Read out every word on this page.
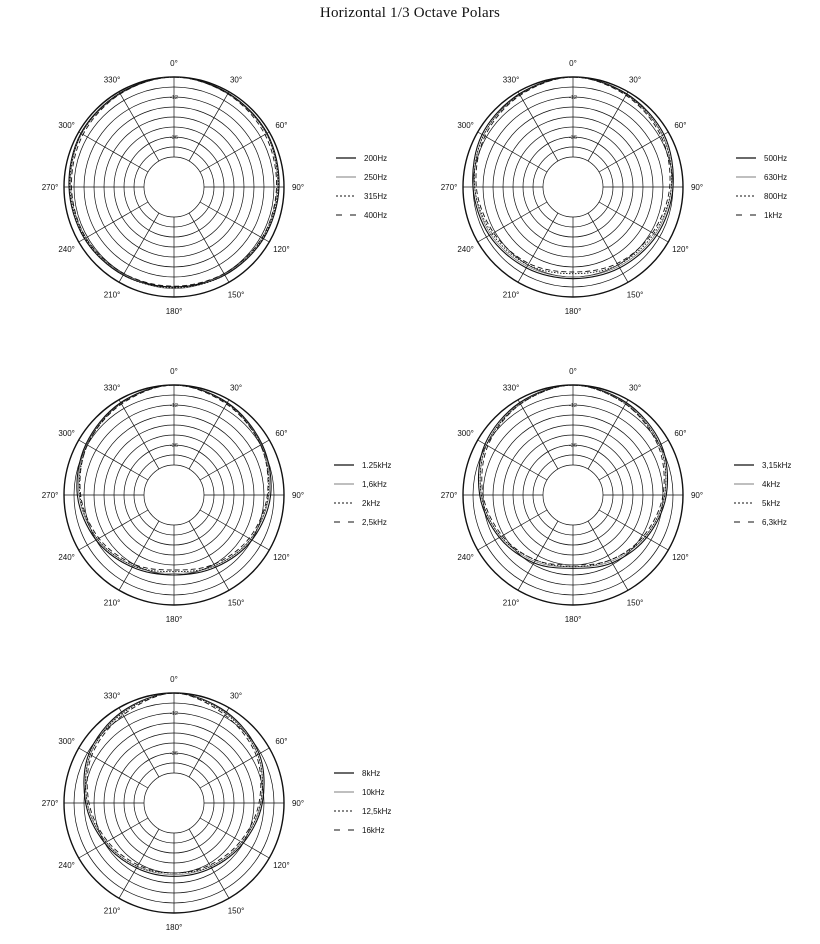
Horizontal 1/3 Octave Polars
-12
-36
0°
30°
60°
90°
120°
150°
180°
210°
240°
270°
300°
330°
200Hz
250Hz
315Hz
400Hz
-12
-36
0°
30°
60°
90°
120°
150°
180°
210°
240°
270°
300°
330°
500Hz
630Hz
800Hz
1kHz
-12
-36
0°
30°
60°
90°
120°
150°
180°
210°
240°
270°
300°
330°
1.25kHz
1,6kHz
2kHz
2,5kHz
-12
-36
0°
30°
60°
90°
120°
150°
180°
210°
240°
270°
300°
330°
3,15kHz
4kHz
5kHz
6,3kHz
-12
-36
0°
30°
60°
90°
120°
150°
180°
210°
240°
270°
300°
330°
8kHz
10kHz
12,5kHz
16kHz
